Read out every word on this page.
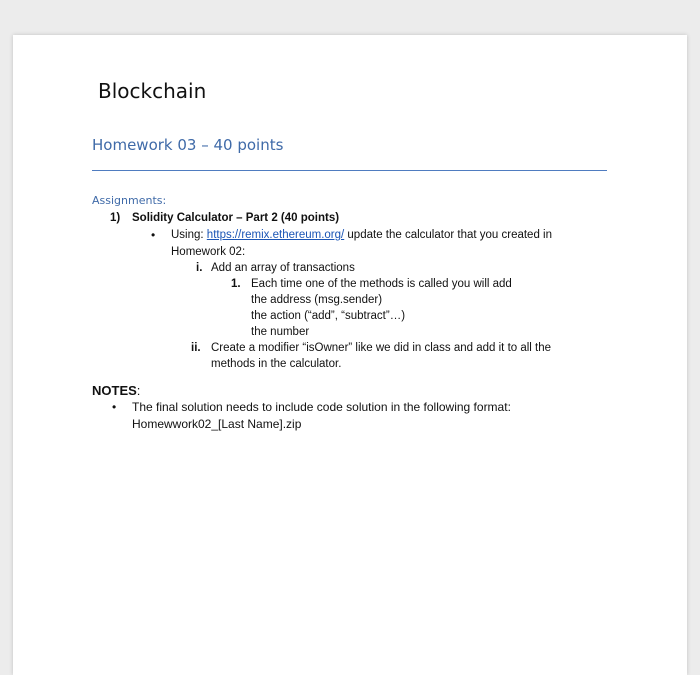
Blockchain
Homework 03 – 40 points
Assignments:
1) Solidity Calculator – Part 2 (40 points)
• Using: https://remix.ethereum.org/ update the calculator that you created in
Homework 02:
i. Add an array of transactions
1. Each time one of the methods is called you will add
the address (msg.sender)
the action (“add”, “subtract”…)
the number
ii. Create a modifier “isOwner” like we did in class and add it to all the
methods in the calculator.
NOTES:
• The final solution needs to include code solution in the following format:
Homewwork02_[Last Name].zip
